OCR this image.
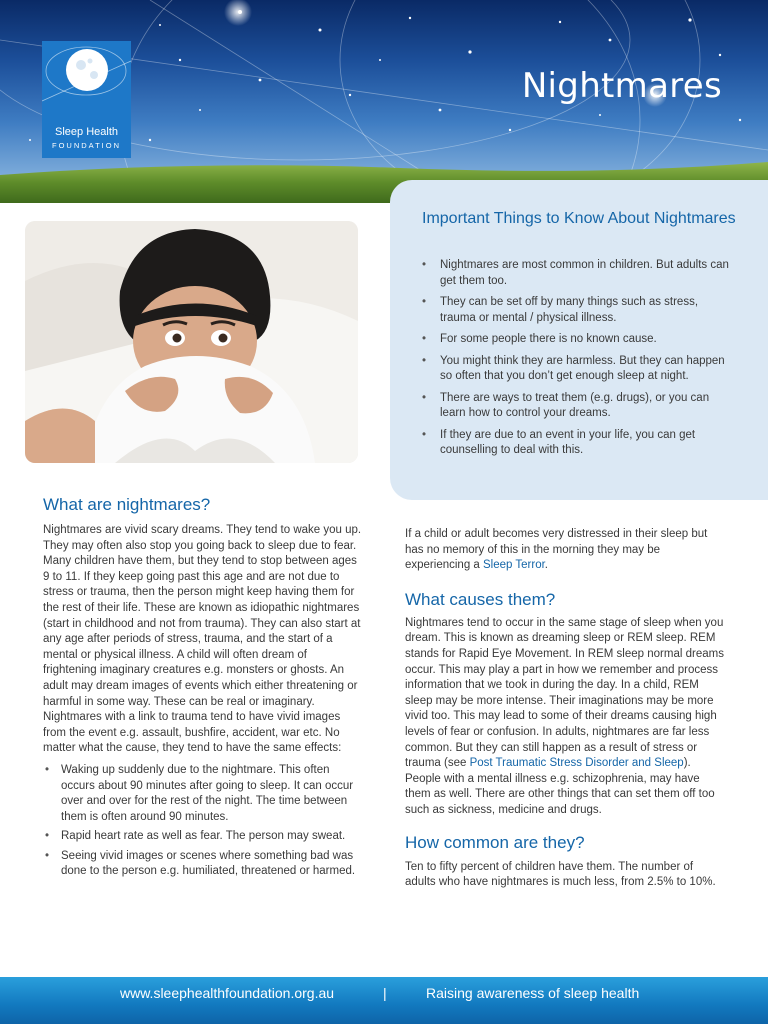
Sleep Health
FOUNDATION
Nightmares
Important Things to Know About Nightmares
• Nightmares are most common in children. But adults can get them too.
• They can be set off by many things such as stress, trauma or mental / physical illness.
• For some people there is no known cause.
• You might think they are harmless. But they can happen so often that you don’t get enough sleep at night.
• There are ways to treat them (e.g. drugs), or you can learn how to control your dreams.
• If they are due to an event in your life, you can get counselling to deal with this.
What are nightmares?

Nightmares are vivid scary dreams. They tend to wake you up. They may often also stop you going back to sleep due to fear. Many children have them, but they tend to stop between ages 9 to 11. If they keep going past this age and are not due to stress or trauma, then the person might keep having them for the rest of their life. These are known as idiopathic nightmares (start in childhood and not from trauma). They can also start at any age after periods of stress, trauma, and the start of a mental or physical illness. A child will often dream of frightening imaginary creatures e.g. monsters or ghosts. An adult may dream images of events which either threatening or harmful in some way. These can be real or imaginary. Nightmares with a link to trauma tend to have vivid images from the event e.g. assault, bushfire, accident, war etc. No matter what the cause, they tend to have the same effects:

• Waking up suddenly due to the nightmare. This often occurs about 90 minutes after going to sleep. It can occur over and over for the rest of the night. The time between them is often around 90 minutes.
• Rapid heart rate as well as fear. The person may sweat.
• Seeing vivid images or scenes where something bad was done to the person e.g. humiliated, threatened or harmed.

If a child or adult becomes very distressed in their sleep but has no memory of this in the morning they may be experiencing a Sleep Terror.

What causes them?

Nightmares tend to occur in the same stage of sleep when you dream. This is known as dreaming sleep or REM sleep. REM stands for Rapid Eye Movement. In REM sleep normal dreams occur. This may play a part in how we remember and process information that we took in during the day. In a child, REM sleep may be more intense. Their imaginations may be more vivid too. This may lead to some of their dreams causing high levels of fear or confusion. In adults, nightmares are far less common. But they can still happen as a result of stress or trauma (see Post Traumatic Stress Disorder and Sleep). People with a mental illness e.g. schizophrenia, may have them as well. There are other things that can set them off too such as sickness, medicine and drugs.

How common are they?

Ten to fifty percent of children have them. The number of adults who have nightmares is much less, from 2.5% to 10%.

www.sleephealthfoundation.org.au	|	Raising awareness of sleep health
